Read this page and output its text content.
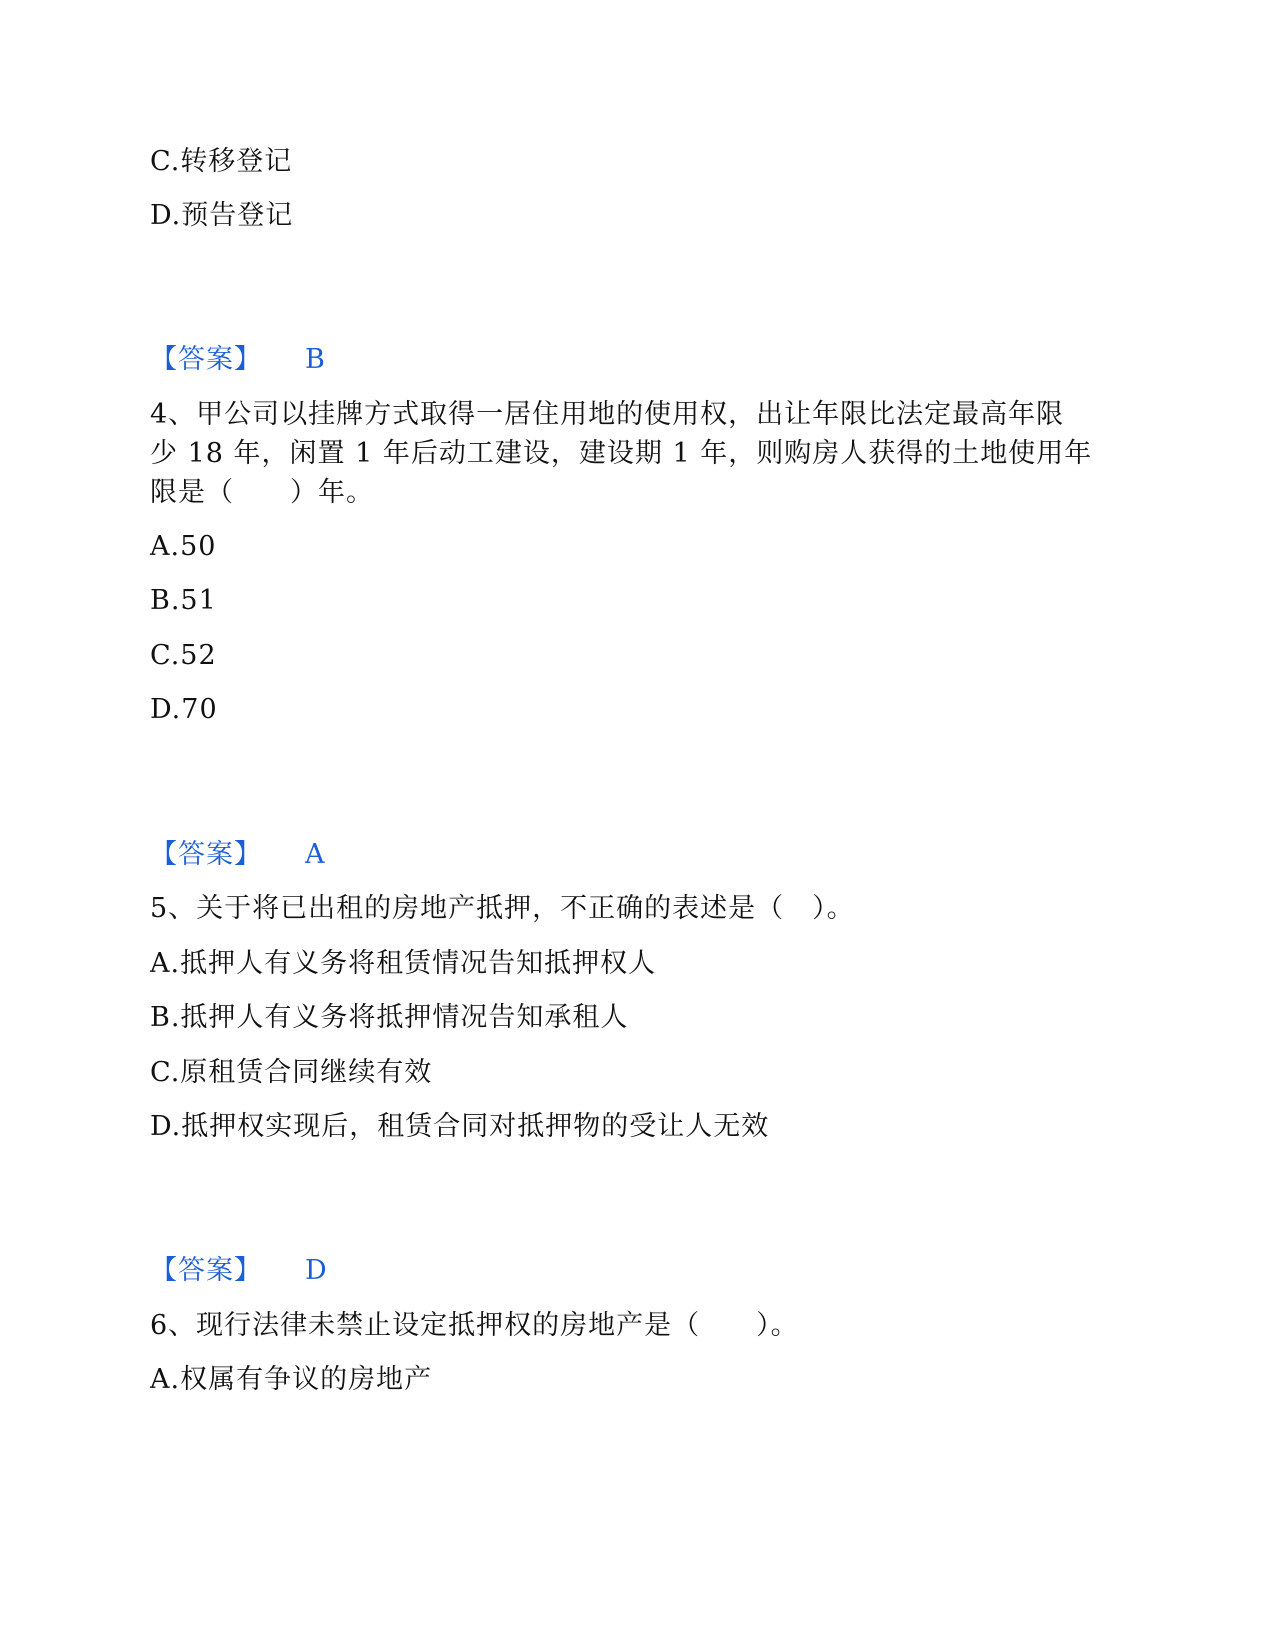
C.转移登记
D.预告登记
【答案】 B
4、甲公司以挂牌方式取得一居住用地的使用权，出让年限比法定最高年限
少 18 年，闲置 1 年后动工建设，建设期 1 年，则购房人获得的土地使用年
限是（　　）年。
A.50
B.51
C.52
D.70
【答案】 A
5、关于将已出租的房地产抵押，不正确的表述是（　）。
A.抵押人有义务将租赁情况告知抵押权人
B.抵押人有义务将抵押情况告知承租人
C.原租赁合同继续有效
D.抵押权实现后，租赁合同对抵押物的受让人无效
【答案】 D
6、现行法律未禁止设定抵押权的房地产是（　　）。
A.权属有争议的房地产
